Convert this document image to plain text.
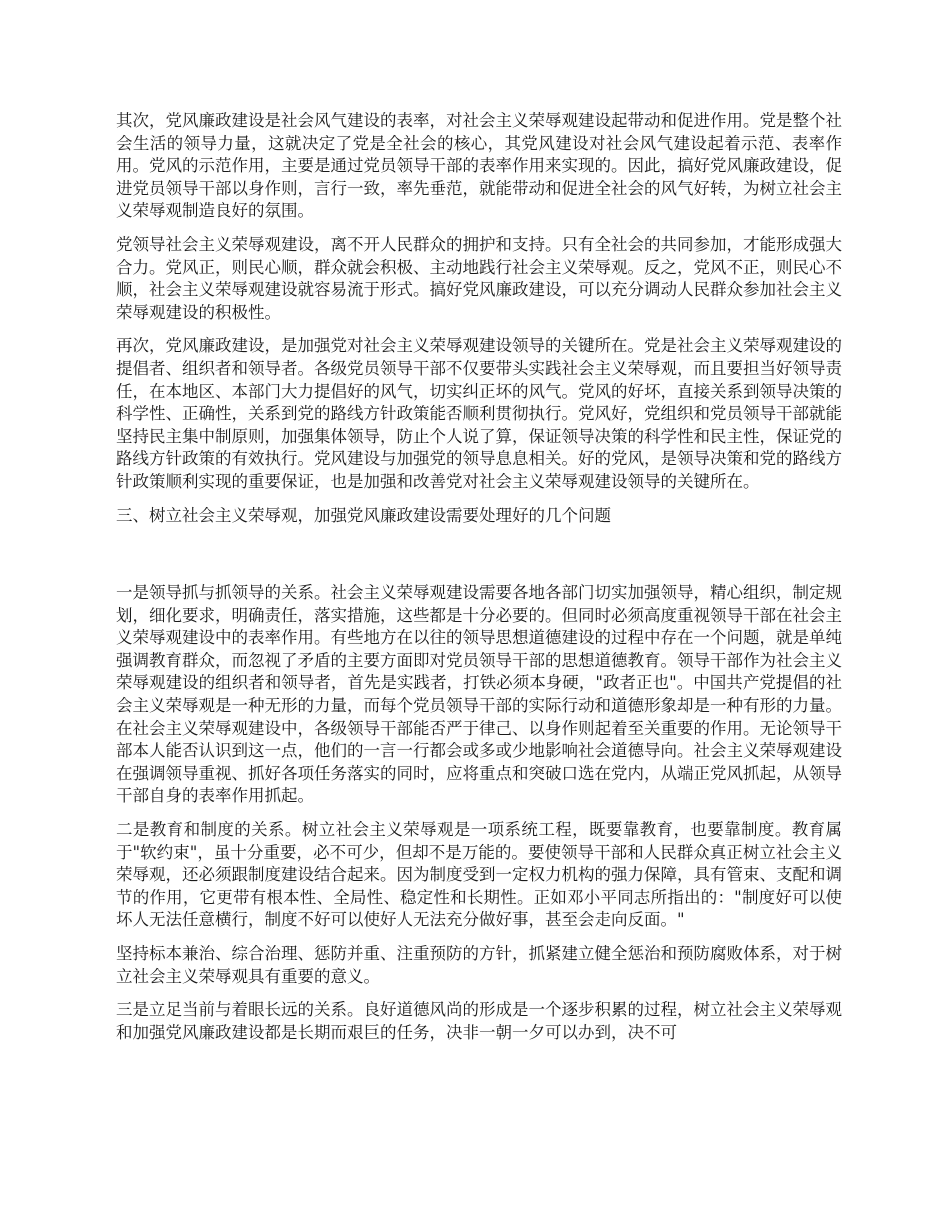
其次，党风廉政建设是社会风气建设的表率，对社会主义荣辱观建设起带动和促进作用。党是整个社会生活的领导力量，这就决定了党是全社会的核心，其党风建设对社会风气建设起着示范、表率作用。党风的示范作用，主要是通过党员领导干部的表率作用来实现的。因此，搞好党风廉政建设，促进党员领导干部以身作则，言行一致，率先垂范，就能带动和促进全社会的风气好转，为树立社会主义荣辱观制造良好的氛围。

党领导社会主义荣辱观建设，离不开人民群众的拥护和支持。只有全社会的共同参加，才能形成强大合力。党风正，则民心顺，群众就会积极、主动地践行社会主义荣辱观。反之，党风不正，则民心不顺，社会主义荣辱观建设就容易流于形式。搞好党风廉政建设，可以充分调动人民群众参加社会主义荣辱观建设的积极性。

再次，党风廉政建设，是加强党对社会主义荣辱观建设领导的关键所在。党是社会主义荣辱观建设的提倡者、组织者和领导者。各级党员领导干部不仅要带头实践社会主义荣辱观，而且要担当好领导责任，在本地区、本部门大力提倡好的风气，切实纠正坏的风气。党风的好坏，直接关系到领导决策的科学性、正确性，关系到党的路线方针政策能否顺利贯彻执行。党风好，党组织和党员领导干部就能坚持民主集中制原则，加强集体领导，防止个人说了算，保证领导决策的科学性和民主性，保证党的路线方针政策的有效执行。党风建设与加强党的领导息息相关。好的党风，是领导决策和党的路线方针政策顺利实现的重要保证，也是加强和改善党对社会主义荣辱观建设领导的关键所在。

三、树立社会主义荣辱观，加强党风廉政建设需要处理好的几个问题

一是领导抓与抓领导的关系。社会主义荣辱观建设需要各地各部门切实加强领导，精心组织，制定规划，细化要求，明确责任，落实措施，这些都是十分必要的。但同时必须高度重视领导干部在社会主义荣辱观建设中的表率作用。有些地方在以往的领导思想道德建设的过程中存在一个问题，就是单纯强调教育群众，而忽视了矛盾的主要方面即对党员领导干部的思想道德教育。领导干部作为社会主义荣辱观建设的组织者和领导者，首先是实践者，打铁必须本身硬，"政者正也"。中国共产党提倡的社会主义荣辱观是一种无形的力量，而每个党员领导干部的实际行动和道德形象却是一种有形的力量。在社会主义荣辱观建设中，各级领导干部能否严于律己、以身作则起着至关重要的作用。无论领导干部本人能否认识到这一点，他们的一言一行都会或多或少地影响社会道德导向。社会主义荣辱观建设在强调领导重视、抓好各项任务落实的同时，应将重点和突破口选在党内，从端正党风抓起，从领导干部自身的表率作用抓起。

二是教育和制度的关系。树立社会主义荣辱观是一项系统工程，既要靠教育，也要靠制度。教育属于"软约束"，虽十分重要，必不可少，但却不是万能的。要使领导干部和人民群众真正树立社会主义荣辱观，还必须跟制度建设结合起来。因为制度受到一定权力机构的强力保障，具有管束、支配和调节的作用，它更带有根本性、全局性、稳定性和长期性。正如邓小平同志所指出的："制度好可以使坏人无法任意横行，制度不好可以使好人无法充分做好事，甚至会走向反面。"

坚持标本兼治、综合治理、惩防并重、注重预防的方针，抓紧建立健全惩治和预防腐败体系，对于树立社会主义荣辱观具有重要的意义。

三是立足当前与着眼长远的关系。良好道德风尚的形成是一个逐步积累的过程，树立社会主义荣辱观和加强党风廉政建设都是长期而艰巨的任务，决非一朝一夕可以办到，决不可
